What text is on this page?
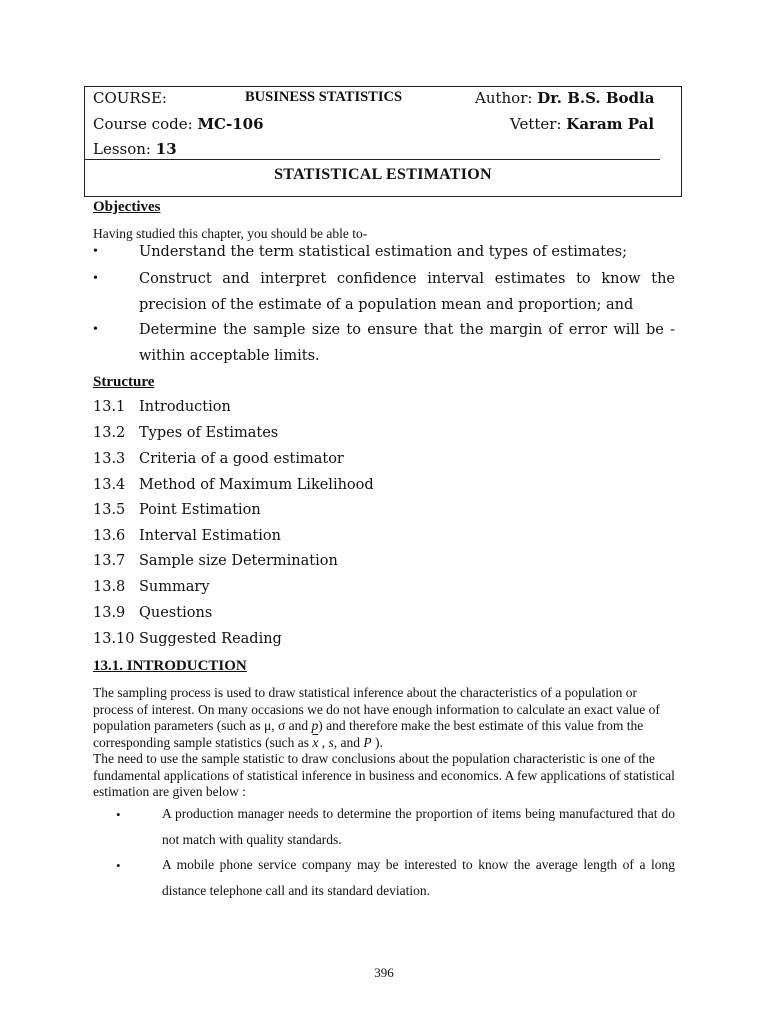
COURSE:	BUSINESS STATISTICS	Author: Dr. B.S. Bodla
Course code: MC-106	Vetter: Karam Pal
Lesson: 13
STATISTICAL ESTIMATION
Objectives
Having studied this chapter, you should be able to-
•	Understand the term statistical estimation and types of estimates;
•	Construct and interpret confidence interval estimates to know the precision of the estimate of a population mean and proportion; and
•	Determine the sample size to ensure that the margin of error will be - within acceptable limits.
Structure
13.1 Introduction
13.2 Types of Estimates
13.3 Criteria of a good estimator
13.4 Method of Maximum Likelihood
13.5 Point Estimation
13.6 Interval Estimation
13.7 Sample size Determination
13.8 Summary
13.9 Questions
13.10 Suggested Reading
13.1. INTRODUCTION
The sampling process is used to draw statistical inference about the characteristics of a population or process of interest. On many occasions we do not have enough information to calculate an exact value of population parameters (such as μ, σ and p) and therefore make the best estimate of this value from the corresponding sample statistics (such as $\overline{x}$ , s, and P ).
The need to use the sample statistic to draw conclusions about the population characteristic is one of the fundamental applications of statistical inference in business and economics. A few applications of statistical estimation are given below :
•	A production manager needs to determine the proportion of items being manufactured that do not match with quality standards.
•	A mobile phone service company may be interested to know the average length of a long distance telephone call and its standard deviation.
396
